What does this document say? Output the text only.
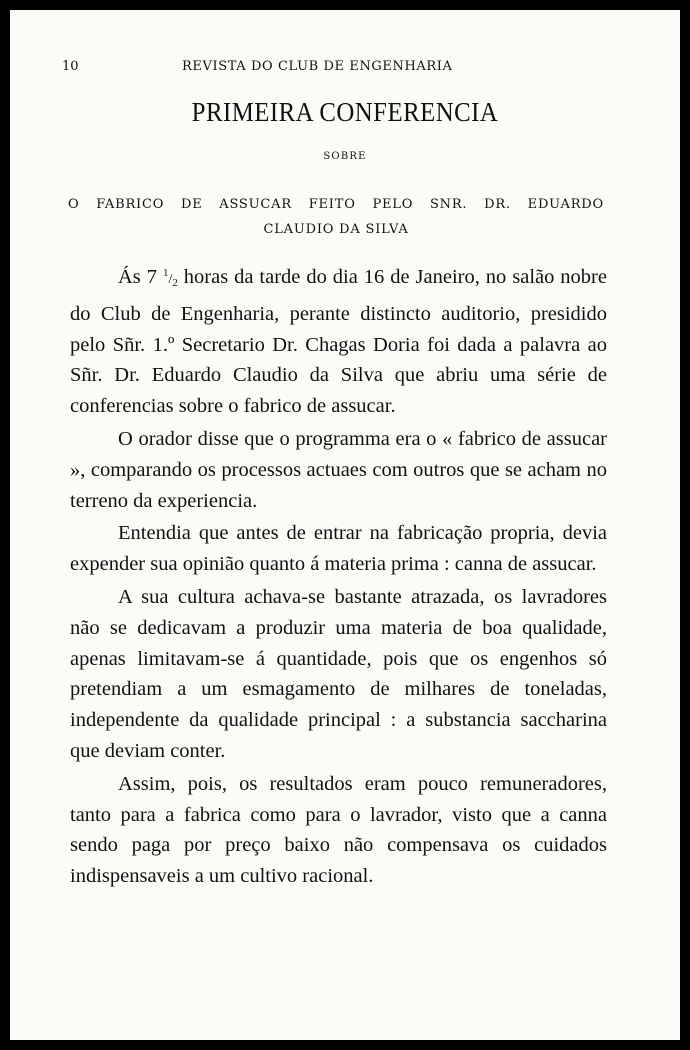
10	REVISTA DO CLUB DE ENGENHARIA
PRIMEIRA CONFERENCIA
SOBRE
O FABRICO DE ASSUCAR FEITO PELO SNR. DR. EDUARDO
CLAUDIO DA SILVA

Ás 7 $^1/_2$ horas da tarde do dia 16 de Janeiro, no salão nobre do Club de Engenharia, perante distincto auditorio, presidido pelo Sñr. 1.º Secretario Dr. Chagas Doria foi dada a palavra ao Sñr. Dr. Eduardo Claudio da Silva que abriu uma série de conferencias sobre o fabrico de assucar.

O orador disse que o programma era o « fabrico de assucar », comparando os processos actuaes com outros que se acham no terreno da experiencia.

Entendia que antes de entrar na fabricação propria, devia expender sua opinião quanto á materia prima : canna de assucar.

A sua cultura achava-se bastante atrazada, os lavradores não se dedicavam a produzir uma materia de boa qualidade, apenas limitavam-se á quantidade, pois que os engenhos só pretendiam a um esmagamento de milhares de toneladas, independente da qualidade principal : a substancia saccharina que deviam conter.

Assim, pois, os resultados eram pouco remuneradores, tanto para a fabrica como para o lavrador, visto que a canna sendo paga por preço baixo não compensava os cuidados indispensaveis a um cultivo racional.
